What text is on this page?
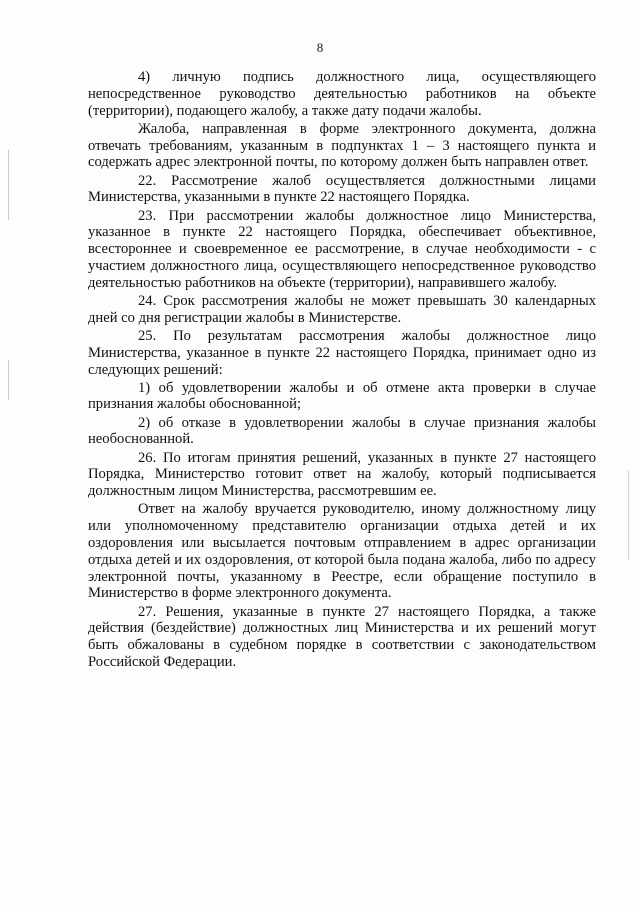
8

4) личную подпись должностного лица, осуществляющего непосредственное руководство деятельностью работников на объекте (территории), подающего жалобу, а также дату подачи жалобы.

Жалоба, направленная в форме электронного документа, должна отвечать требованиям, указанным в подпунктах 1 – 3 настоящего пункта и содержать адрес электронной почты, по которому должен быть направлен ответ.

22. Рассмотрение жалоб осуществляется должностными лицами Министерства, указанными в пункте 22 настоящего Порядка.

23. При рассмотрении жалобы должностное лицо Министерства, указанное в пункте 22 настоящего Порядка, обеспечивает объективное, всестороннее и своевременное ее рассмотрение, в случае необходимости - с участием должностного лица, осуществляющего непосредственное руководство деятельностью работников на объекте (территории), направившего жалобу.

24. Срок рассмотрения жалобы не может превышать 30 календарных дней со дня регистрации жалобы в Министерстве.

25. По результатам рассмотрения жалобы должностное лицо Министерства, указанное в пункте 22 настоящего Порядка, принимает одно из следующих решений:

1) об удовлетворении жалобы и об отмене акта проверки в случае признания жалобы обоснованной;

2) об отказе в удовлетворении жалобы в случае признания жалобы необоснованной.

26. По итогам принятия решений, указанных в пункте 27 настоящего Порядка, Министерство готовит ответ на жалобу, который подписывается должностным лицом Министерства, рассмотревшим ее.

Ответ на жалобу вручается руководителю, иному должностному лицу или уполномоченному представителю организации отдыха детей и их оздоровления или высылается почтовым отправлением в адрес организации отдыха детей и их оздоровления, от которой была подана жалоба, либо по адресу электронной почты, указанному в Реестре, если обращение поступило в Министерство в форме электронного документа.

27. Решения, указанные в пункте 27 настоящего Порядка, а также действия (бездействие) должностных лиц Министерства и их решений могут быть обжалованы в судебном порядке в соответствии с законодательством Российской Федерации.
